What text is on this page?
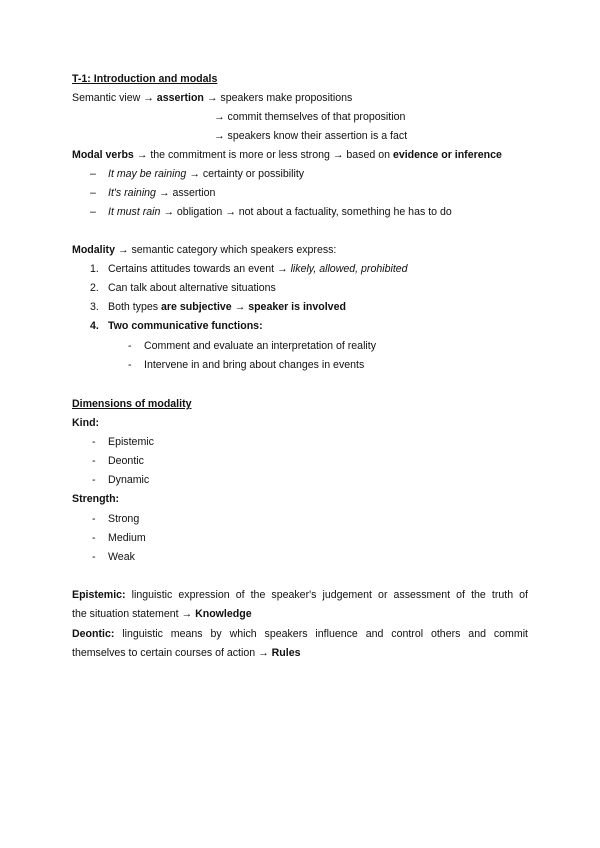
T-1: Introduction and modals
Semantic view → assertion → speakers make propositions
→ commit themselves of that proposition
→ speakers know their assertion is a fact
Modal verbs → the commitment is more or less strong → based on evidence or inference
– It may be raining → certainty or possibility
– It's raining → assertion
– It must rain → obligation → not about a factuality, something he has to do
Modality → semantic category which speakers express:
1. Certains attitudes towards an event → likely, allowed, prohibited
2. Can talk about alternative situations
3. Both types are subjective → speaker is involved
4. Two communicative functions:
- Comment and evaluate an interpretation of reality
- Intervene in and bring about changes in events
Dimensions of modality
Kind:
- Epistemic
- Deontic
- Dynamic
Strength:
- Strong
- Medium
- Weak
Epistemic: linguistic expression of the speaker's judgement or assessment of the truth of
the situation statement → Knowledge
Deontic: linguistic means by which speakers influence and control others and commit
themselves to certain courses of action → Rules
